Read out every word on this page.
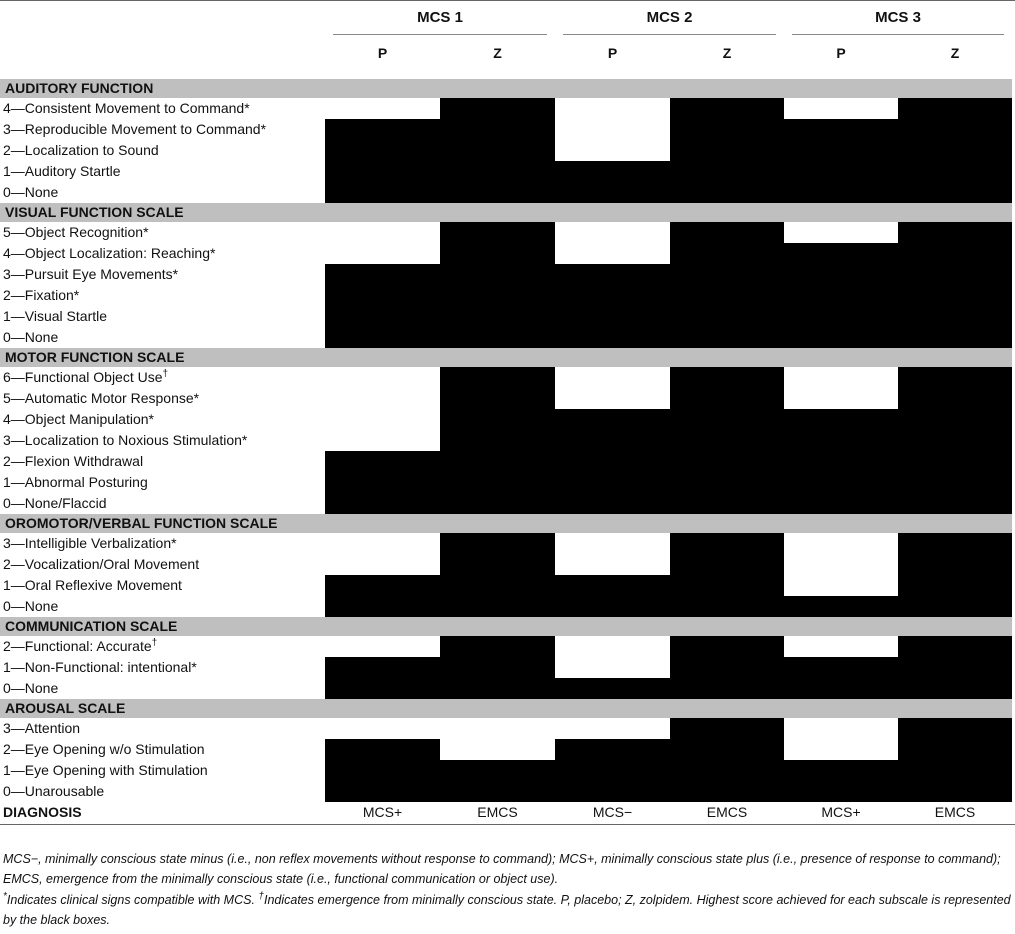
MCS 1	MCS 2	MCS 3
P	Z	P	Z	P	Z
AUDITORY FUNCTION
4—Consistent Movement to Command*
3—Reproducible Movement to Command*
2—Localization to Sound
1—Auditory Startle
0—None
VISUAL FUNCTION SCALE
5—Object Recognition*
4—Object Localization: Reaching*
3—Pursuit Eye Movements*
2—Fixation*
1—Visual Startle
0—None
MOTOR FUNCTION SCALE
6—Functional Object Use†
5—Automatic Motor Response*
4—Object Manipulation*
3—Localization to Noxious Stimulation*
2—Flexion Withdrawal
1—Abnormal Posturing
0—None/Flaccid
OROMOTOR/VERBAL FUNCTION SCALE
3—Intelligible Verbalization*
2—Vocalization/Oral Movement
1—Oral Reflexive Movement
0—None
COMMUNICATION SCALE
2—Functional: Accurate†
1—Non-Functional: intentional*
0—None
AROUSAL SCALE
3—Attention
2—Eye Opening w/o Stimulation
1—Eye Opening with Stimulation
0—Unarousable
DIAGNOSIS	MCS+	EMCS	MCS−	EMCS	MCS+	EMCS
MCS−, minimally conscious state minus (i.e., non reflex movements without response to command); MCS+, minimally conscious state plus (i.e., presence of response to command); EMCS, emergence from the minimally conscious state (i.e., functional communication or object use).
*Indicates clinical signs compatible with MCS. †Indicates emergence from minimally conscious state. P, placebo; Z, zolpidem. Highest score achieved for each subscale is represented by the black boxes.
